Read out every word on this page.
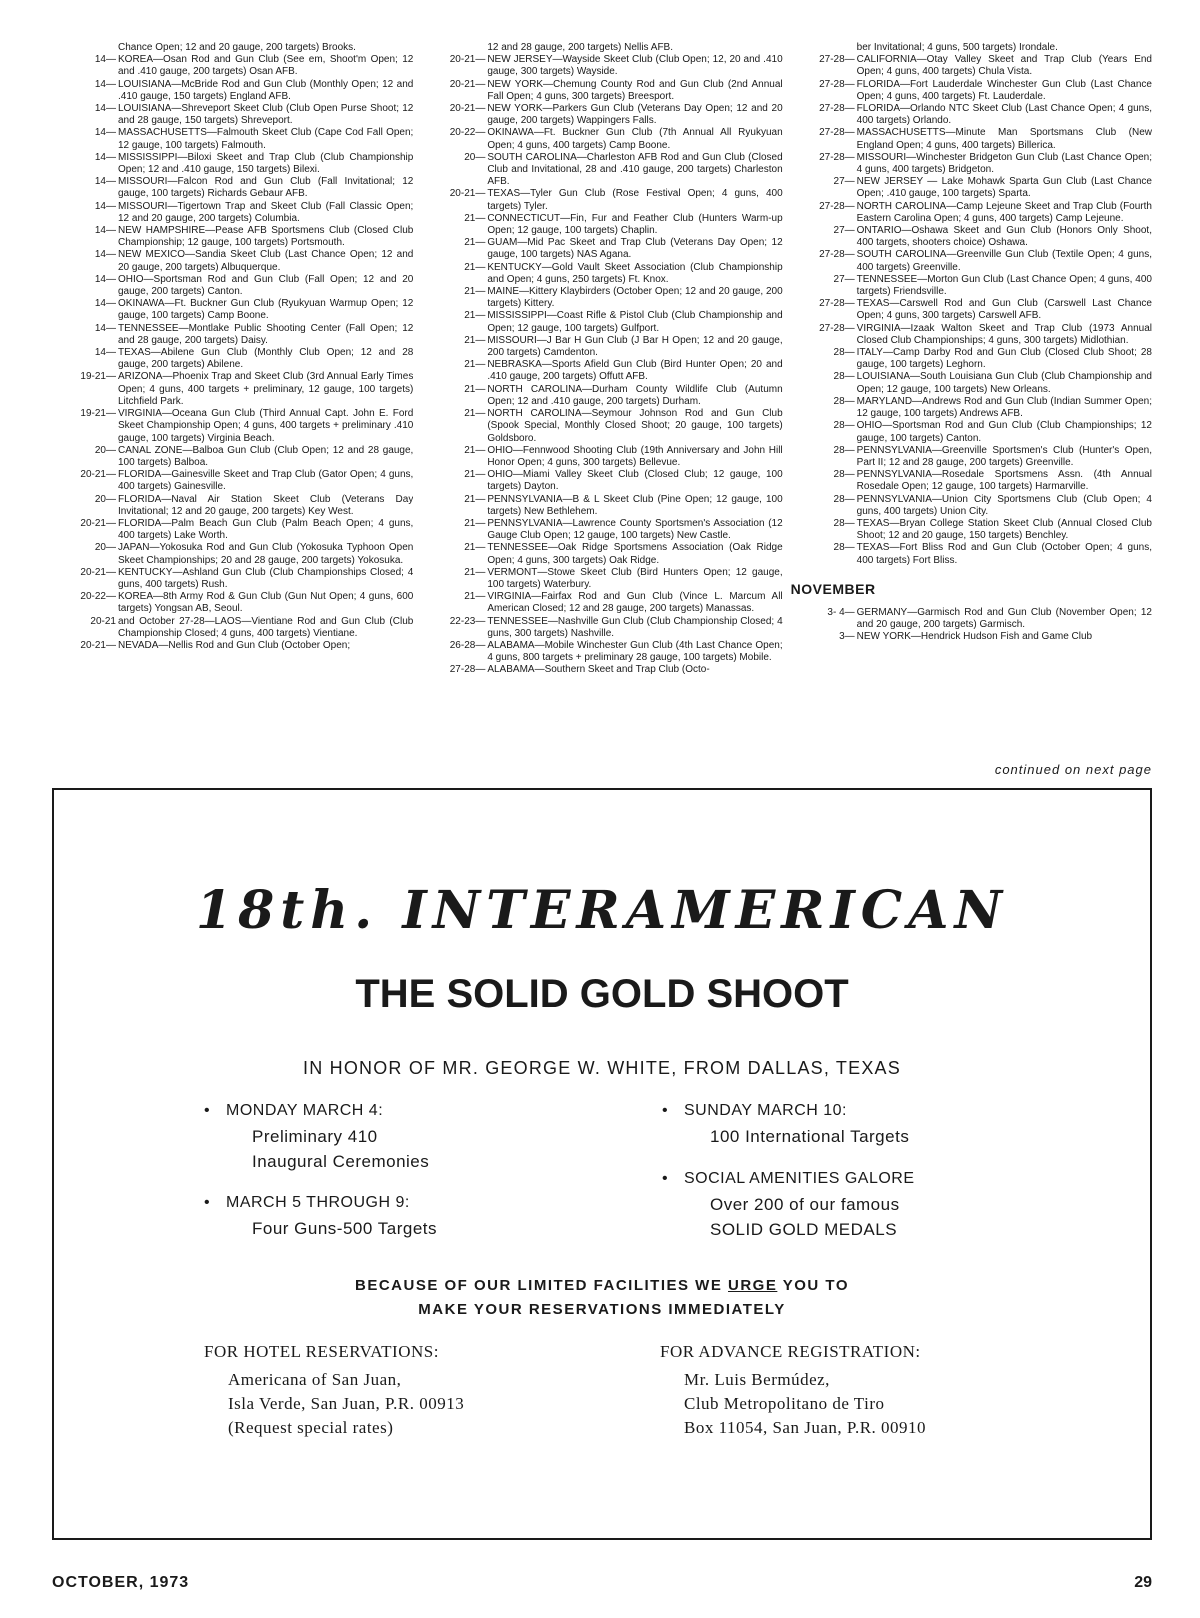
Chance Open; 12 and 20 gauge, 200 targets) Brooks.
14— KOREA—Osan Rod and Gun Club (See em, Shoot'm Open; 12 and .410 gauge, 200 targets) Osan AFB.
14— LOUISIANA—McBride Rod and Gun Club (Monthly Open; 12 and .410 gauge, 150 targets) England AFB.
14— LOUISIANA—Shreveport Skeet Club (Club Open Purse Shoot; 12 and 28 gauge, 150 targets) Shreveport.
14— MASSACHUSETTS—Falmouth Skeet Club (Cape Cod Fall Open; 12 gauge, 100 targets) Falmouth.
14— MISSISSIPPI—Biloxi Skeet and Trap Club (Club Championship Open; 12 and .410 gauge, 150 targets) Bilexi.
14— MISSOURI—Falcon Rod and Gun Club (Fall Invitational; 12 gauge, 100 targets) Richards Gebaur AFB.
14— MISSOURI—Tigertown Trap and Skeet Club (Fall Classic Open; 12 and 20 gauge, 200 targets) Columbia.
14— NEW HAMPSHIRE—Pease AFB Sportsmens Club (Closed Club Championship; 12 gauge, 100 targets) Portsmouth.
14— NEW MEXICO—Sandia Skeet Club (Last Chance Open; 12 and 20 gauge, 200 targets) Albuquerque.
14— OHIO—Sportsman Rod and Gun Club (Fall Open; 12 and 20 gauge, 200 targets) Canton.
14— OKINAWA—Ft. Buckner Gun Club (Ryukyuan Warmup Open; 12 gauge, 100 targets) Camp Boone.
14— TENNESSEE—Montlake Public Shooting Center (Fall Open; 12 and 28 gauge, 200 targets) Daisy.
14— TEXAS—Abilene Gun Club (Monthly Club Open; 12 and 28 gauge, 200 targets) Abilene.
19-21— ARIZONA—Phoenix Trap and Skeet Club (3rd Annual Early Times Open; 4 guns, 400 targets + preliminary, 12 gauge, 100 targets) Litchfield Park.
19-21— VIRGINIA—Oceana Gun Club (Third Annual Capt. John E. Ford Skeet Championship Open; 4 guns, 400 targets + preliminary .410 gauge, 100 targets) Virginia Beach.
20— CANAL ZONE—Balboa Gun Club (Club Open; 12 and 28 gauge, 100 targets) Balboa.
20-21— FLORIDA—Gainesville Skeet and Trap Club (Gator Open; 4 guns, 400 targets) Gainesville.
20— FLORIDA—Naval Air Station Skeet Club (Veterans Day Invitational; 12 and 20 gauge, 200 targets) Key West.
20-21— FLORIDA—Palm Beach Gun Club (Palm Beach Open; 4 guns, 400 targets) Lake Worth.
20— JAPAN—Yokosuka Rod and Gun Club (Yokosuka Typhoon Open Skeet Championships; 20 and 28 gauge, 200 targets) Yokosuka.
20-21— KENTUCKY—Ashland Gun Club (Club Championships Closed; 4 guns, 400 targets) Rush.
20-22— KOREA—8th Army Rod & Gun Club (Gun Nut Open; 4 guns, 600 targets) Yongsan AB, Seoul.
20-21 and October 27-28—LAOS—Vientiane Rod and Gun Club (Club Championship Closed; 4 guns, 400 targets) Vientiane.
20-21— NEVADA—Nellis Rod and Gun Club (October Open;
12 and 28 gauge, 200 targets) Nellis AFB.
20-21— NEW JERSEY—Wayside Skeet Club (Club Open; 12, 20 and .410 gauge, 300 targets) Wayside.
20-21— NEW YORK—Chemung County Rod and Gun Club (2nd Annual Fall Open; 4 guns, 300 targets) Breesport.
20-21— NEW YORK—Parkers Gun Club (Veterans Day Open; 12 and 20 gauge, 200 targets) Wappingers Falls.
20-22— OKINAWA—Ft. Buckner Gun Club (7th Annual All Ryukyuan Open; 4 guns, 400 targets) Camp Boone.
20— SOUTH CAROLINA—Charleston AFB Rod and Gun Club (Closed Club and Invitational, 28 and .410 gauge, 200 targets) Charleston AFB.
20-21— TEXAS—Tyler Gun Club (Rose Festival Open; 4 guns, 400 targets) Tyler.
21— CONNECTICUT—Fin, Fur and Feather Club (Hunters Warm-up Open; 12 gauge, 100 targets) Chaplin.
21— GUAM—Mid Pac Skeet and Trap Club (Veterans Day Open; 12 gauge, 100 targets) NAS Agana.
21— KENTUCKY—Gold Vault Skeet Association (Club Championship and Open; 4 guns, 250 targets) Ft. Knox.
21— MAINE—Kittery Klaybirders (October Open; 12 and 20 gauge, 200 targets) Kittery.
21— MISSISSIPPI—Coast Rifle & Pistol Club (Club Championship and Open; 12 gauge, 100 targets) Gulfport.
21— MISSOURI—J Bar H Gun Club (J Bar H Open; 12 and 20 gauge, 200 targets) Camdenton.
21— NEBRASKA—Sports Afield Gun Club (Bird Hunter Open; 20 and .410 gauge, 200 targets) Offutt AFB.
21— NORTH CAROLINA—Durham County Wildlife Club (Autumn Open; 12 and .410 gauge, 200 targets) Durham.
21— NORTH CAROLINA—Seymour Johnson Rod and Gun Club (Spook Special, Monthly Closed Shoot; 20 gauge, 100 targets) Goldsboro.
21— OHIO—Fennwood Shooting Club (19th Anniversary and John Hill Honor Open; 4 guns, 300 targets) Bellevue.
21— OHIO—Miami Valley Skeet Club (Closed Club; 12 gauge, 100 targets) Dayton.
21— PENNSYLVANIA—B & L Skeet Club (Pine Open; 12 gauge, 100 targets) New Bethlehem.
21— PENNSYLVANIA—Lawrence County Sportsmen's Association (12 Gauge Club Open; 12 gauge, 100 targets) New Castle.
21— TENNESSEE—Oak Ridge Sportsmens Association (Oak Ridge Open; 4 guns, 300 targets) Oak Ridge.
21— VERMONT—Stowe Skeet Club (Bird Hunters Open; 12 gauge, 100 targets) Waterbury.
21— VIRGINIA—Fairfax Rod and Gun Club (Vince L. Marcum All American Closed; 12 and 28 gauge, 200 targets) Manassas.
22-23— TENNESSEE—Nashville Gun Club (Club Championship Closed; 4 guns, 300 targets) Nashville.
26-28— ALABAMA—Mobile Winchester Gun Club (4th Last Chance Open; 4 guns, 800 targets + preliminary 28 gauge, 100 targets) Mobile.
27-28— ALABAMA—Southern Skeet and Trap Club (Octo-
ber Invitational; 4 guns, 500 targets) Irondale.
27-28— CALIFORNIA—Otay Valley Skeet and Trap Club (Years End Open; 4 guns, 400 targets) Chula Vista.
27-28— FLORIDA—Fort Lauderdale Winchester Gun Club (Last Chance Open; 4 guns, 400 targets) Ft. Lauderdale.
27-28— FLORIDA—Orlando NTC Skeet Club (Last Chance Open; 4 guns, 400 targets) Orlando.
27-28— MASSACHUSETTS—Minute Man Sportsmans Club (New England Open; 4 guns, 400 targets) Billerica.
27-28— MISSOURI—Winchester Bridgeton Gun Club (Last Chance Open; 4 guns, 400 targets) Bridgeton.
27— NEW JERSEY — Lake Mohawk Sparta Gun Club (Last Chance Open; .410 gauge, 100 targets) Sparta.
27-28— NORTH CAROLINA—Camp Lejeune Skeet and Trap Club (Fourth Eastern Carolina Open; 4 guns, 400 targets) Camp Lejeune.
27— ONTARIO—Oshawa Skeet and Gun Club (Honors Only Shoot, 400 targets, shooters choice) Oshawa.
27-28— SOUTH CAROLINA—Greenville Gun Club (Textile Open; 4 guns, 400 targets) Greenville.
27— TENNESSEE—Morton Gun Club (Last Chance Open; 4 guns, 400 targets) Friendsville.
27-28— TEXAS—Carswell Rod and Gun Club (Carswell Last Chance Open; 4 guns, 300 targets) Carswell AFB.
27-28— VIRGINIA—Izaak Walton Skeet and Trap Club (1973 Annual Closed Club Championships; 4 guns, 300 targets) Midlothian.
28— ITALY—Camp Darby Rod and Gun Club (Closed Club Shoot; 28 gauge, 100 targets) Leghorn.
28— LOUISIANA—South Louisiana Gun Club (Club Championship and Open; 12 gauge, 100 targets) New Orleans.
28— MARYLAND—Andrews Rod and Gun Club (Indian Summer Open; 12 gauge, 100 targets) Andrews AFB.
28— OHIO—Sportsman Rod and Gun Club (Club Championships; 12 gauge, 100 targets) Canton.
28— PENNSYLVANIA—Greenville Sportsmen's Club (Hunter's Open, Part II; 12 and 28 gauge, 200 targets) Greenville.
28— PENNSYLVANIA—Rosedale Sportsmens Assn. (4th Annual Rosedale Open; 12 gauge, 100 targets) Harmarville.
28— PENNSYLVANIA—Union City Sportsmens Club (Club Open; 4 guns, 400 targets) Union City.
28— TEXAS—Bryan College Station Skeet Club (Annual Closed Club Shoot; 12 and 20 gauge, 150 targets) Benchley.
28— TEXAS—Fort Bliss Rod and Gun Club (October Open; 4 guns, 400 targets) Fort Bliss.
NOVEMBER
3- 4— GERMANY—Garmisch Rod and Gun Club (November Open; 12 and 20 gauge, 200 targets) Garmisch.
3— NEW YORK—Hendrick Hudson Fish and Game Club
continued on next page
18th. INTERAMERICAN
THE SOLID GOLD SHOOT
IN HONOR OF MR. GEORGE W. WHITE, FROM DALLAS, TEXAS
• MONDAY MARCH 4:
Preliminary 410
Inaugural Ceremonies
• MARCH 5 THROUGH 9:
Four Guns-500 Targets
• SUNDAY MARCH 10:
100 International Targets
• SOCIAL AMENITIES GALORE
Over 200 of our famous
SOLID GOLD MEDALS
BECAUSE OF OUR LIMITED FACILITIES WE URGE YOU TO
MAKE YOUR RESERVATIONS IMMEDIATELY
FOR HOTEL RESERVATIONS:
Americana of San Juan,
Isla Verde, San Juan, P.R. 00913
(Request special rates)
FOR ADVANCE REGISTRATION:
Mr. Luis Bermúdez,
Club Metropolitano de Tiro
Box 11054, San Juan, P.R. 00910
OCTOBER, 1973	29
